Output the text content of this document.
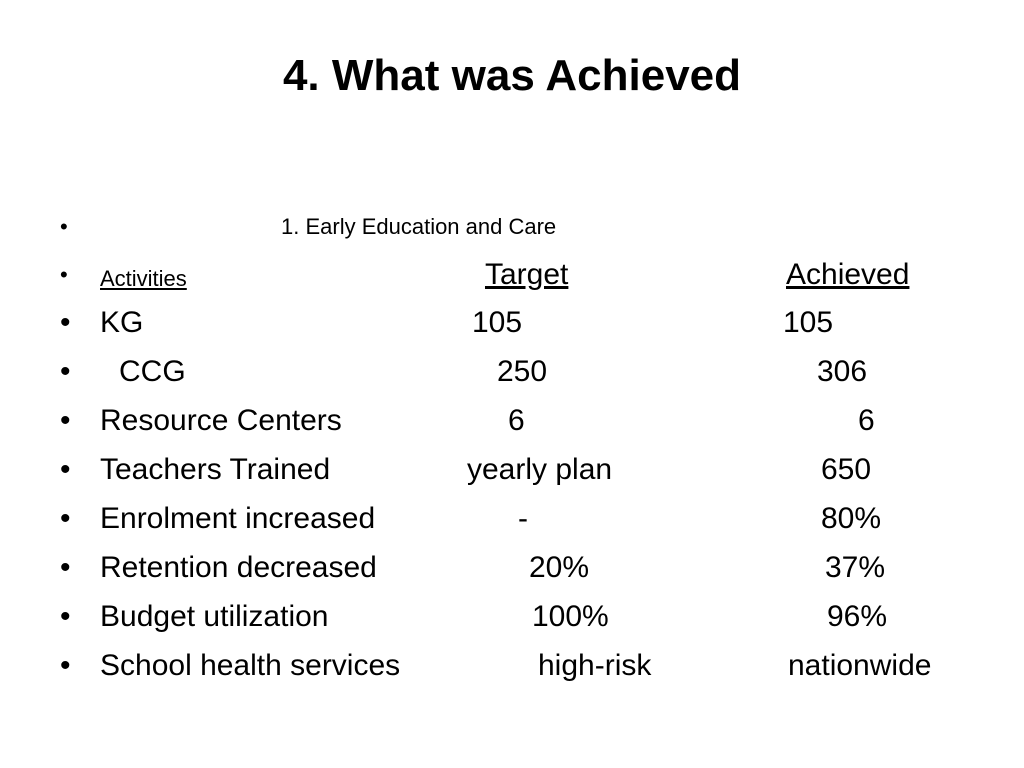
4. What was Achieved
•	1. Early Education and Care
• Activities	Target	Achieved
• KG	105	105
• CCG	250	306
• Resource Centers	6	6
• Teachers Trained	yearly plan	650
• Enrolment increased	-	80%
• Retention decreased	20%	37%
• Budget utilization	100%	96%
• School health services	high-risk	nationwide
